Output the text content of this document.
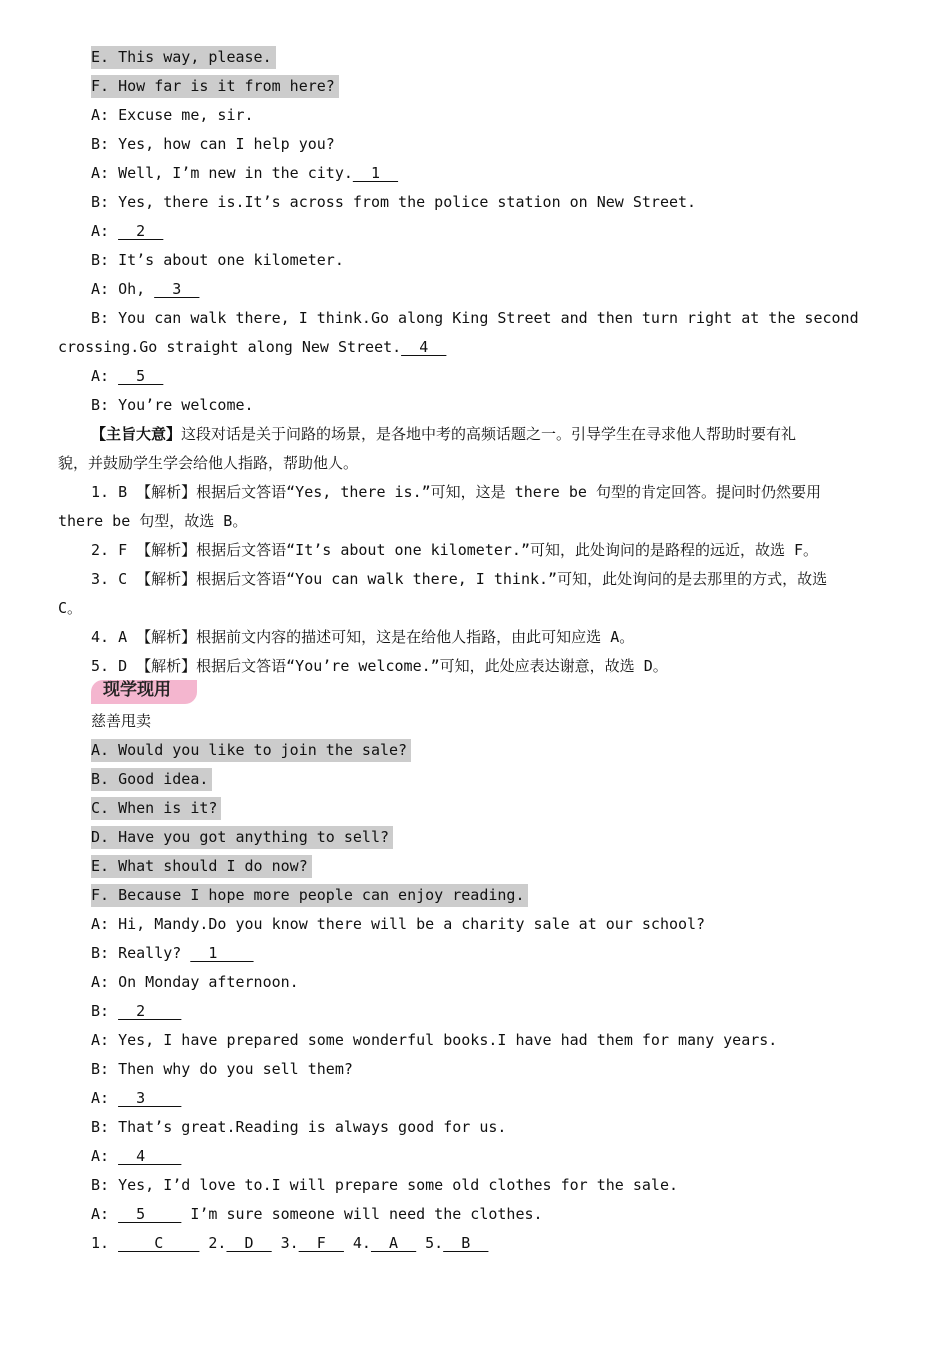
E. This way, please.
F. How far is it from here?
A: Excuse me, sir.
B: Yes, how can I help you?
A: Well, I’m new in the city.__1__
B: Yes, there is.It’s across from the police station on New Street.
A: __2__
B: It’s about one kilometer.
A: Oh, __3__
B: You can walk there, I think.Go along King Street and then turn right at the second
crossing.Go straight along New Street.__4__
A: __5__
B: You’re welcome.
【主旨大意】这段对话是关于问路的场景，是各地中考的高频话题之一。引导学生在寻求他人帮助时要有礼
貌，并鼓励学生学会给他人指路，帮助他人。
1. B 【解析】根据后文答语“Yes, there is.”可知，这是 there be 句型的肯定回答。提问时仍然要用
there be 句型，故选 B。
2. F 【解析】根据后文答语“It’s about one kilometer.”可知，此处询问的是路程的远近，故选 F。
3. C 【解析】根据后文答语“You can walk there, I think.”可知，此处询问的是去那里的方式，故选
C。
4. A 【解析】根据前文内容的描述可知，这是在给他人指路，由此可知应选 A。
5. D 【解析】根据后文答语“You’re welcome.”可知，此处应表达谢意，故选 D。
现学现用
慈善甩卖
A. Would you like to join the sale?
B. Good idea.
C. When is it?
D. Have you got anything to sell?
E. What should I do now?
F. Because I hope more people can enjoy reading.
A: Hi, Mandy.Do you know there will be a charity sale at our school?
B: Really? __1____
A: On Monday afternoon.
B: __2____
A: Yes, I have prepared some wonderful books.I have had them for many years.
B: Then why do you sell them?
A: __3____
B: That’s great.Reading is always good for us.
A: __4____
B: Yes, I’d love to.I will prepare some old clothes for the sale.
A: __5____ I’m sure someone will need the clothes.
1. ____C____ 2.__D__ 3.__F__ 4.__A__ 5.__B__
